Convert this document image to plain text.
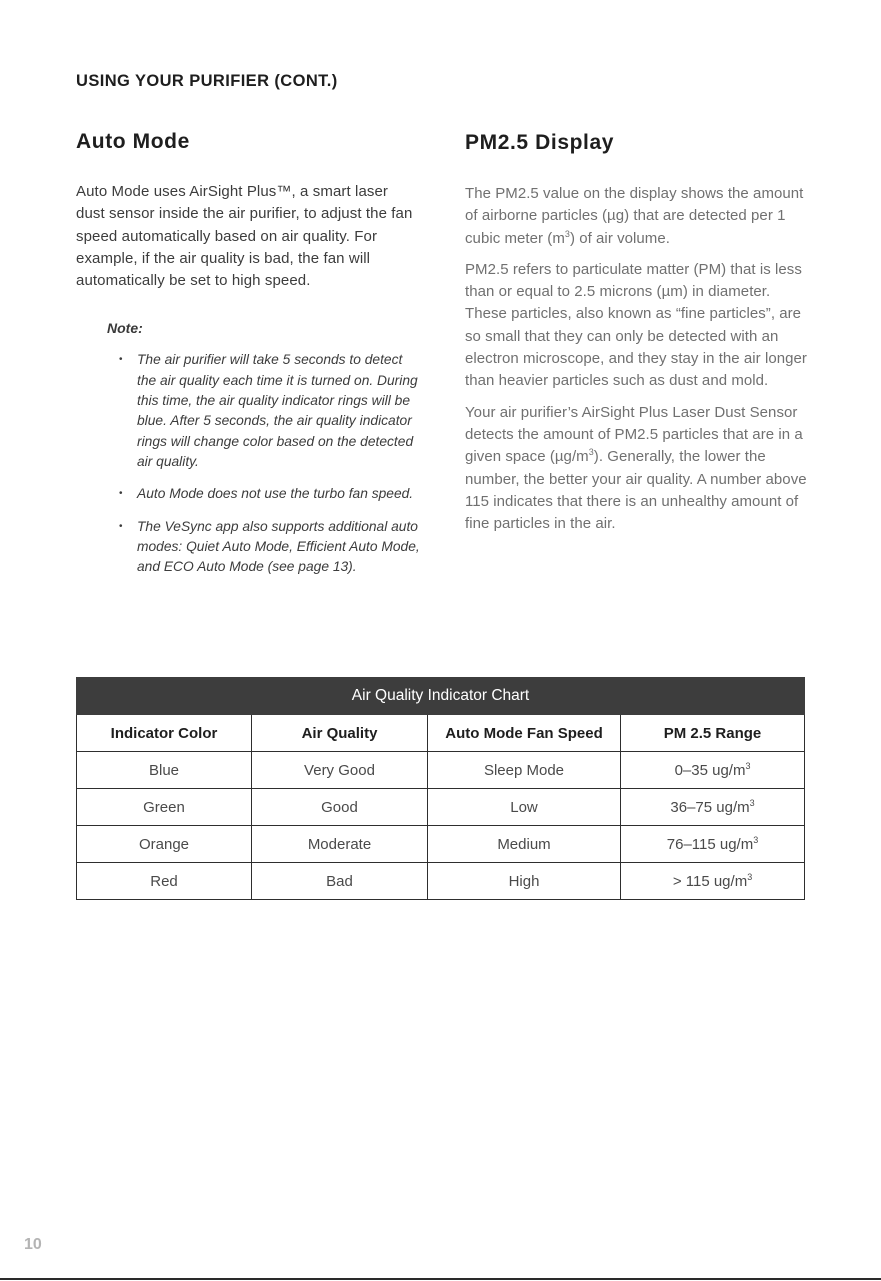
USING YOUR PURIFIER (CONT.)
Auto Mode	PM2.5 Display

Auto Mode uses AirSight Plus™, a smart laser dust sensor inside the air purifier, to adjust the fan speed automatically based on air quality. For example, if the air quality is bad, the fan will automatically be set to high speed.

Note:

• The air purifier will take 5 seconds to detect the air quality each time it is turned on. During this time, the air quality indicator rings will be blue. After 5 seconds, the air quality indicator rings will change color based on the detected air quality.
• Auto Mode does not use the turbo fan speed.
• The VeSync app also supports additional auto modes: Quiet Auto Mode, Efficient Auto Mode, and ECO Auto Mode (see page 13).

The PM2.5 value on the display shows the amount of airborne particles (µg) that are detected per 1 cubic meter $(m^3)$ of air volume.

PM2.5 refers to particulate matter (PM) that is less than or equal to 2.5 microns (µm) in diameter. These particles, also known as “fine particles”, are so small that they can only be detected with an electron microscope, and they stay in the air longer than heavier particles such as dust and mold.

Your air purifier’s AirSight Plus Laser Dust Sensor detects the amount of PM2.5 particles that are in a given space $(\mu g/m^3)$. Generally, the lower the number, the better your air quality. A number above 115 indicates that there is an unhealthy amount of fine particles in the air.

Air Quality Indicator Chart			
Indicator Color	Air Quality	Auto Mode Fan Speed	PM 2.5 Range
Blue	Very Good	Sleep Mode	0–35 $ug/m^3$
Green	Good	Low	36–75 $ug/m^3$
Orange	Moderate	Medium	76–115 $ug/m^3$
Red	Bad	High	> 115 $ug/m^3$
10
